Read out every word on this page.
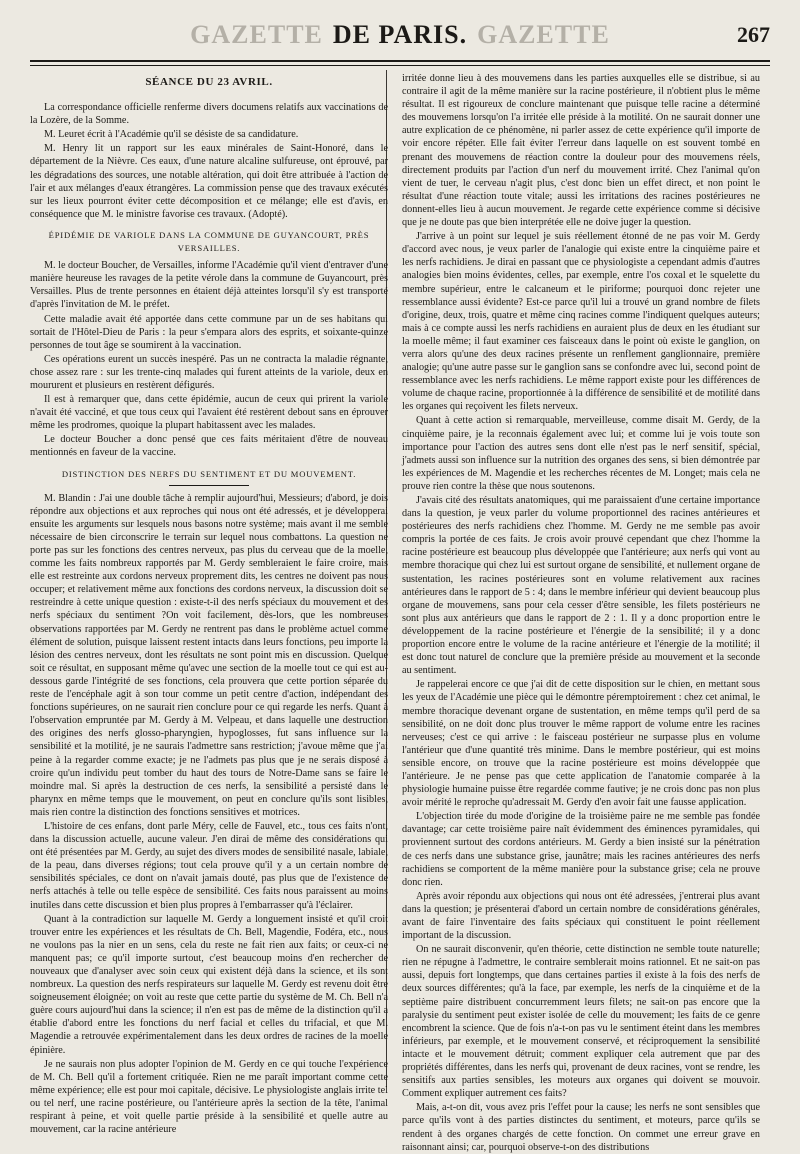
GAZETTE DE PARIS. GAZETTE	267
SÉANCE DU 23 AVRIL.

La correspondance officielle renferme divers documens relatifs aux vaccinations de la Lozère, de la Somme.

M. Leuret écrit à l'Académie qu'il se désiste de sa candidature.

M. Henry lit un rapport sur les eaux minérales de Saint-Honoré, dans le département de la Nièvre. Ces eaux, d'une nature alcaline sulfureuse, ont éprouvé, par les dégradations des sources, une notable altération, qui doit être attribuée à l'action de l'air et aux mélanges d'eaux étrangères. La commission pense que des travaux exécutés sur les lieux pourront éviter cette décomposition et ce mélange; elle est d'avis, en conséquence que M. le ministre favorise ces travaux. (Adopté).

ÉPIDÉMIE DE VARIOLE DANS LA COMMUNE DE GUYANCOURT, PRÈS VERSAILLES.

M. le docteur Boucher, de Versailles, informe l'Académie qu'il vient d'entraver d'une manière heureuse les ravages de la petite vérole dans la commune de Guyancourt, près Versailles. Plus de trente personnes en étaient déjà atteintes lorsqu'il s'y est transporté d'après l'invitation de M. le préfet.

Cette maladie avait été apportée dans cette commune par un de ses habitans qui sortait de l'Hôtel-Dieu de Paris : la peur s'empara alors des esprits, et soixante-quinze personnes de tout âge se soumirent à la vaccination.

Ces opérations eurent un succès inespéré. Pas un ne contracta la maladie régnante, chose assez rare : sur les trente-cinq malades qui furent atteints de la variole, deux en moururent et plusieurs en restèrent défigurés.

Il est à remarquer que, dans cette épidémie, aucun de ceux qui prirent la variole n'avait été vacciné, et que tous ceux qui l'avaient été restèrent debout sans en éprouver même les prodromes, quoique la plupart habitassent avec les malades.

Le docteur Boucher a donc pensé que ces faits méritaient d'être de nouveau mentionnés en faveur de la vaccine.

DISTINCTION DES NERFS DU SENTIMENT ET DU MOUVEMENT.

M. Blandin : J'ai une double tâche à remplir aujourd'hui, Messieurs; d'abord, je dois répondre aux objections et aux reproches qui nous ont été adressés, et je développerai ensuite les arguments sur lesquels nous basons notre système; mais avant il me semble nécessaire de bien circonscrire le terrain sur lequel nous combattons. La question ne porte pas sur les fonctions des centres nerveux, pas plus du cerveau que de la moelle, comme les faits nombreux rapportés par M. Gerdy sembleraient le faire croire, mais elle est restreinte aux cordons nerveux proprement dits, les centres ne doivent pas nous occuper; et relativement même aux fonctions des cordons nerveux, la discussion doit se restreindre à cette unique question : existe-t-il des nerfs spéciaux du mouvement et des nerfs spéciaux du sentiment ?On voit facilement, dès-lors, que les nombreuses observations rapportées par M. Gerdy ne rentrent pas dans le problème actuel comme élément de solution, puisque laissent restent intacts dans leurs fonctions, peu importe la lésion des centres nerveux, dont les résultats ne sont point mis en discussion. Quelque soit ce résultat, en supposant même qu'avec une section de la moelle tout ce qui est au-dessous garde l'intégrité de ses fonctions, cela prouvera que cette portion séparée du reste de l'encéphale agit à son tour comme un petit centre d'action, indépendant des fonctions supérieures, on ne saurait rien conclure pour ce qui regarde les nerfs. Quant à l'observation empruntée par M. Gerdy à M. Velpeau, et dans laquelle une destruction des origines des nerfs glosso-pharyngien, hypoglosses, fut sans influence sur la sensibilité et la motilité, je ne saurais l'admettre sans restriction; j'avoue même que j'ai peine à la regarder comme exacte; je ne l'admets pas plus que je ne serais disposé à croire qu'un individu peut tomber du haut des tours de Notre-Dame sans se faire le moindre mal. Si après la destruction de ces nerfs, la sensibilité a persisté dans le pharynx en même temps que le mouvement, on peut en conclure qu'ils sont lisibles, mais rien contre la distinction des fonctions sensitives et motrices.

L'histoire de ces enfans, dont parle Méry, celle de Fauvel, etc., tous ces faits n'ont, dans la discussion actuelle, aucune valeur. J'en dirai de même des considérations qui ont été présentées par M. Gerdy, au sujet des divers modes de sensibilité nasale, labiale, de la peau, dans diverses régions; tout cela prouve qu'il y a un certain nombre de sensibilités spéciales, ce dont on n'avait jamais douté, pas plus que de l'existence de nerfs attachés à telle ou telle espèce de sensibilité. Ces faits nous paraissent au moins inutiles dans cette discussion et bien plus propres à l'embarrasser qu'à l'éclairer.

Quant à la contradiction sur laquelle M. Gerdy a longuement insisté et qu'il croit trouver entre les expériences et les résultats de Ch. Bell, Magendie, Fodéra, etc., nous ne voulons pas la nier en un sens, cela du reste ne fait rien aux faits; or ceux-ci ne manquent pas; ce qu'il importe surtout, c'est beaucoup moins d'en rechercher de nouveaux que d'analyser avec soin ceux qui existent déjà dans la science, et ils sont nombreux. La question des nerfs respirateurs sur laquelle M. Gerdy est revenu doit être soigneusement éloignée; on voit au reste que cette partie du système de M. Ch. Bell n'a guère cours aujourd'hui dans la science; il n'en est pas de même de la distinction qu'il a établie d'abord entre les fonctions du nerf facial et celles du trifacial, et que M. Magendie a retrouvée expérimentalement dans les deux ordres de racines de la moelle épinière.

Je ne saurais non plus adopter l'opinion de M. Gerdy en ce qui touche l'expérience de M. Ch. Bell qu'il a fortement critiquée. Rien ne me paraît important comme cette même expérience; elle est pour moi capitale, décisive. Le physiologiste anglais irrite tel ou tel nerf, une racine postérieure, ou l'antérieure après la section de la tête, l'animal respirant à peine, et voit quelle partie préside à la sensibilité et quelle autre au mouvement, car la racine antérieure

irritée donne lieu à des mouvemens dans les parties auxquelles elle se distribue, si au contraire il agit de la même manière sur la racine postérieure, il n'obtient plus le même résultat. Il est rigoureux de conclure maintenant que puisque telle racine a déterminé des mouvemens lorsqu'on l'a irritée elle préside à la motilité. On ne saurait donner une autre explication de ce phénomène, ni parler assez de cette expérience qu'il importe de voir encore répéter. Elle fait éviter l'erreur dans laquelle on est souvent tombé en prenant des mouvemens de réaction contre la douleur pour des mouvemens réels, directement produits par l'action d'un nerf du mouvement irrité. Chez l'animal qu'on vient de tuer, le cerveau n'agit plus, c'est donc bien un effet direct, et non point le résultat d'une réaction toute vitale; aussi les irritations des racines postérieures ne donnent-elles lieu à aucun mouvement. Je regarde cette expérience comme si décisive que je ne doute pas que bien interprétée elle ne doive juger la question.

J'arrive à un point sur lequel je suis réellement étonné de ne pas voir M. Gerdy d'accord avec nous, je veux parler de l'analogie qui existe entre la cinquième paire et les nerfs rachidiens. Je dirai en passant que ce physiologiste a cependant admis d'autres analogies bien moins évidentes, celles, par exemple, entre l'os coxal et le squelette du membre supérieur, entre le calcaneum et le piriforme; pourquoi donc rejeter une ressemblance aussi évidente? Est-ce parce qu'il lui a trouvé un grand nombre de filets d'origine, deux, trois, quatre et même cinq racines comme l'indiquent quelques auteurs; mais à ce compte aussi les nerfs rachidiens en auraient plus de deux en les étudiant sur la moelle même; il faut examiner ces faisceaux dans le point où existe le ganglion, on verra alors qu'une des deux racines présente un renflement ganglionnaire, première analogie; qu'une autre passe sur le ganglion sans se confondre avec lui, second point de ressemblance avec les nerfs rachidiens. Le même rapport existe pour les différences de volume de chaque racine, proportionnée à la différence de sensibilité et de motilité dans les organes qui reçoivent les filets nerveux.

Quant à cette action si remarquable, merveilleuse, comme disait M. Gerdy, de la cinquième paire, je la reconnais également avec lui; et comme lui je vois toute son importance pour l'action des autres sens dont elle n'est pas le nerf sensitif, spécial, j'admets aussi son influence sur la nutrition des organes des sens, si bien démontrée par les expériences de M. Magendie et les recherches récentes de M. Longet; mais cela ne prouve rien contre la thèse que nous soutenons.

J'avais cité des résultats anatomiques, qui me paraissaient d'une certaine importance dans la question, je veux parler du volume proportionnel des racines antérieures et postérieures des nerfs rachidiens chez l'homme. M. Gerdy ne me semble pas avoir compris la portée de ces faits. Je crois avoir prouvé cependant que chez l'homme la racine postérieure est beaucoup plus développée que l'antérieure; aux nerfs qui vont au membre thoracique qui chez lui est surtout organe de sensibilité, et nullement organe de sustentation, les racines postérieures sont en volume relativement aux racines antérieures dans le rapport de 5 : 4; dans le membre inférieur qui devient beaucoup plus organe de mouvemens, sans pour cela cesser d'être sensible, les filets postérieurs ne sont plus aux antérieurs que dans le rapport de 2 : 1. Il y a donc proportion entre le développement de la racine postérieure et l'énergie de la sensibilité; il y a donc proportion encore entre le volume de la racine antérieure et l'énergie de la motilité; il est donc tout naturel de conclure que la première préside au mouvement et la seconde au sentiment.

Je rappelerai encore ce que j'ai dit de cette disposition sur le chien, en mettant sous les yeux de l'Académie une pièce qui le démontre péremptoirement : chez cet animal, le membre thoracique devenant organe de sustentation, en même temps qu'il perd de sa sensibilité, on ne doit donc plus trouver le même rapport de volume entre les racines nerveuses; c'est ce qui arrive : le faisceau postérieur ne surpasse plus en volume l'antérieur que d'une quantité très minime. Dans le membre postérieur, qui est moins sensible encore, on trouve que la racine postérieure est moins développée que l'antérieure. Je ne pense pas que cette application de l'anatomie comparée à la physiologie humaine puisse être regardée comme fautive; je ne crois donc pas non plus avoir mérité le reproche qu'adressait M. Gerdy d'en avoir fait une fausse application.

L'objection tirée du mode d'origine de la troisième paire ne me semble pas fondée davantage; car cette troisième paire naît évidemment des éminences pyramidales, qui proviennent surtout des cordons antérieurs. M. Gerdy a bien insisté sur la pénétration de ces nerfs dans une substance grise, jaunâtre; mais les racines antérieures des nerfs rachidiens se comportent de la même manière pour la substance grise; cela ne prouve donc rien.

Après avoir répondu aux objections qui nous ont été adressées, j'entrerai plus avant dans la question; je présenterai d'abord un certain nombre de considérations générales, avant de faire l'inventaire des faits spéciaux qui constituent le point réellement important de la discussion.

On ne saurait disconvenir, qu'en théorie, cette distinction ne semble toute naturelle; rien ne répugne à l'admettre, le contraire semblerait moins rationnel. Et ne sait-on pas aussi, depuis fort longtemps, que dans certaines parties il existe à la fois des nerfs de deux sources différentes; qu'à la face, par exemple, les nerfs de la cinquième et de la septième paire distribuent concurremment leurs filets; ne sait-on pas encore que la paralysie du sentiment peut exister isolée de celle du mouvement; les faits de ce genre encombrent la science. Que de fois n'a-t-on pas vu le sentiment éteint dans les membres inférieurs, par exemple, et le mouvement conservé, et réciproquement la sensibilité intacte et le mouvement détruit; comment expliquer cela autrement que par des propriétés différentes, dans les nerfs qui, provenant de deux racines, vont se rendre, les sensitifs aux parties sensibles, les moteurs aux organes qui doivent se mouvoir. Comment expliquer autrement ces faits?

Mais, a-t-on dit, vous avez pris l'effet pour la cause; les nerfs ne sont sensibles que parce qu'ils vont à des parties distinctes du sentiment, et moteurs, parce qu'ils se rendent à des organes chargés de cette fonction. On commet une erreur grave en raisonnant ainsi; car, pourquoi observe-t-on des distributions
